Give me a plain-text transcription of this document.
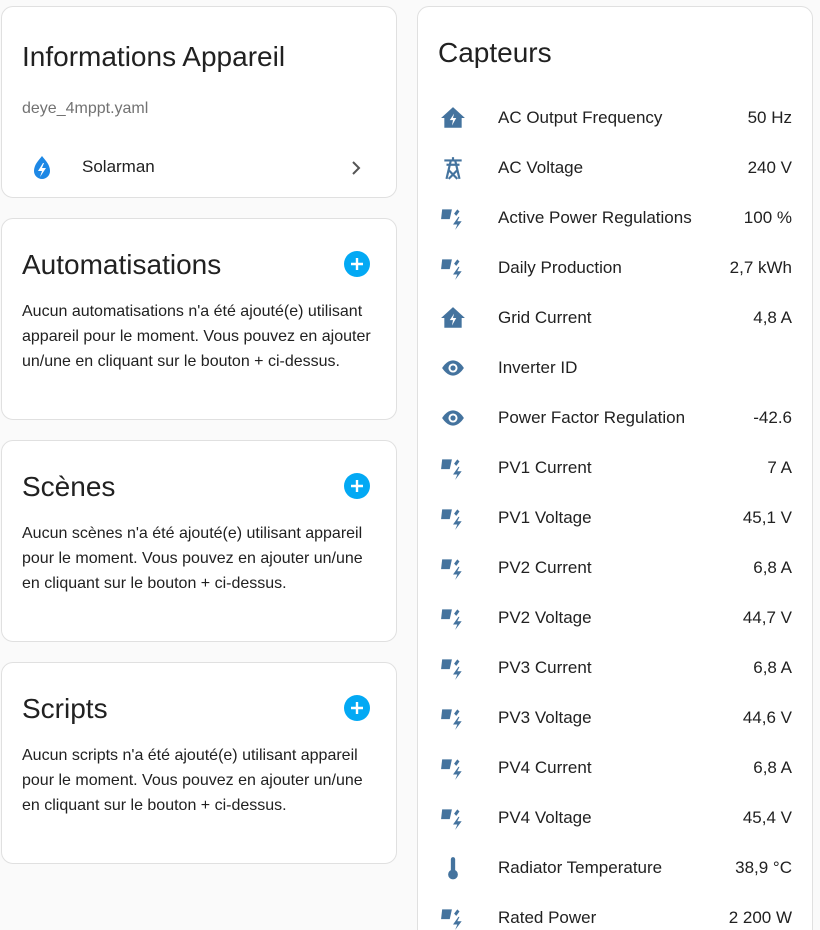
Informations Appareil
deye_4mppt.yaml
Solarman
Automatisations
Aucun automatisations n'a été ajouté(e) utilisant appareil pour le moment. Vous pouvez en ajouter un/une en cliquant sur le bouton + ci-dessus.
Scènes
Aucun scènes n'a été ajouté(e) utilisant appareil pour le moment. Vous pouvez en ajouter un/une en cliquant sur le bouton + ci-dessus.
Scripts
Aucun scripts n'a été ajouté(e) utilisant appareil pour le moment. Vous pouvez en ajouter un/une en cliquant sur le bouton + ci-dessus.
Capteurs
AC Output Frequency	50 Hz
AC Voltage	240 V
Active Power Regulations	100 %
Daily Production	2,7 kWh
Grid Current	4,8 A
Inverter ID
Power Factor Regulation	-42.6
PV1 Current	7 A
PV1 Voltage	45,1 V
PV2 Current	6,8 A
PV2 Voltage	44,7 V
PV3 Current	6,8 A
PV3 Voltage	44,6 V
PV4 Current	6,8 A
PV4 Voltage	45,4 V
Radiator Temperature	38,9 °C
Rated Power	2 200 W
